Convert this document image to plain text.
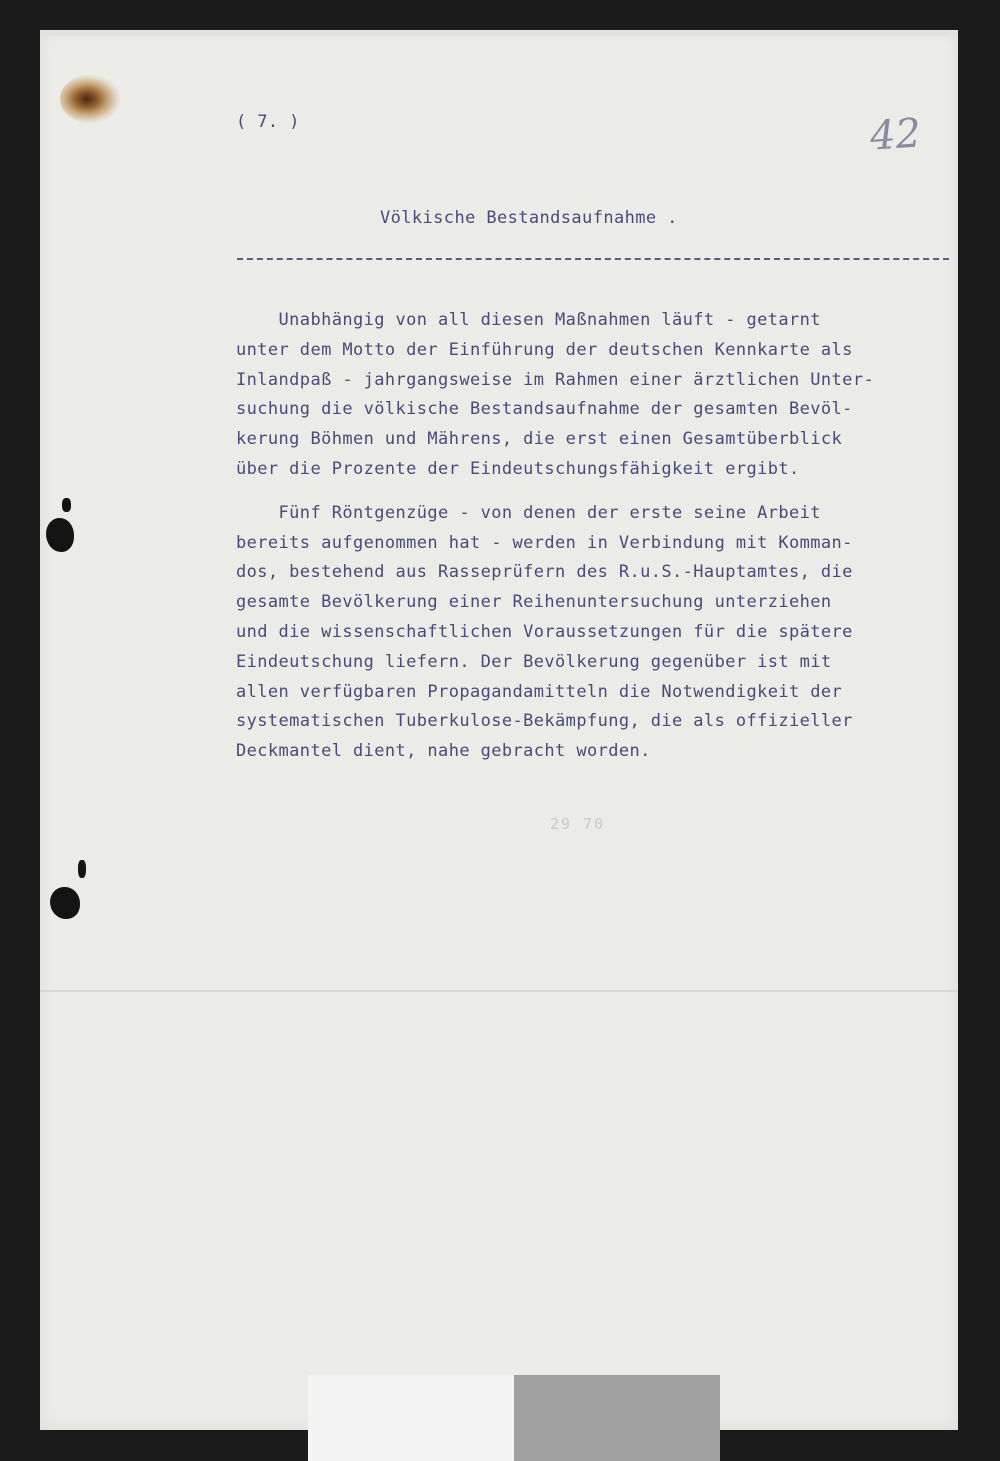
( 7. )	42
Völkische Bestandsaufnahme .
Unabhängig von all diesen Maßnahmen läuft - getarnt
unter dem Motto der Einführung der deutschen Kennkarte als
Inlandpaß - jahrgangsweise im Rahmen einer ärztlichen Unter-
suchung die völkische Bestandsaufnahme der gesamten Bevöl-
kerung Böhmen und Mährens, die erst einen Gesamtüberblick
über die Prozente der Eindeutschungsfähigkeit ergibt.
Fünf Röntgenzüge - von denen der erste seine Arbeit
bereits aufgenommen hat - werden in Verbindung mit Komman-
dos, bestehend aus Rasseprüfern des R.u.S.-Hauptamtes, die
gesamte Bevölkerung einer Reihenuntersuchung unterziehen
und die wissenschaftlichen Voraussetzungen für die spätere
Eindeutschung liefern. Der Bevölkerung gegenüber ist mit
allen verfügbaren Propagandamitteln die Notwendigkeit der
systematischen Tuberkulose-Bekämpfung, die als offizieller
Deckmantel dient, nahe gebracht worden.
29 70
